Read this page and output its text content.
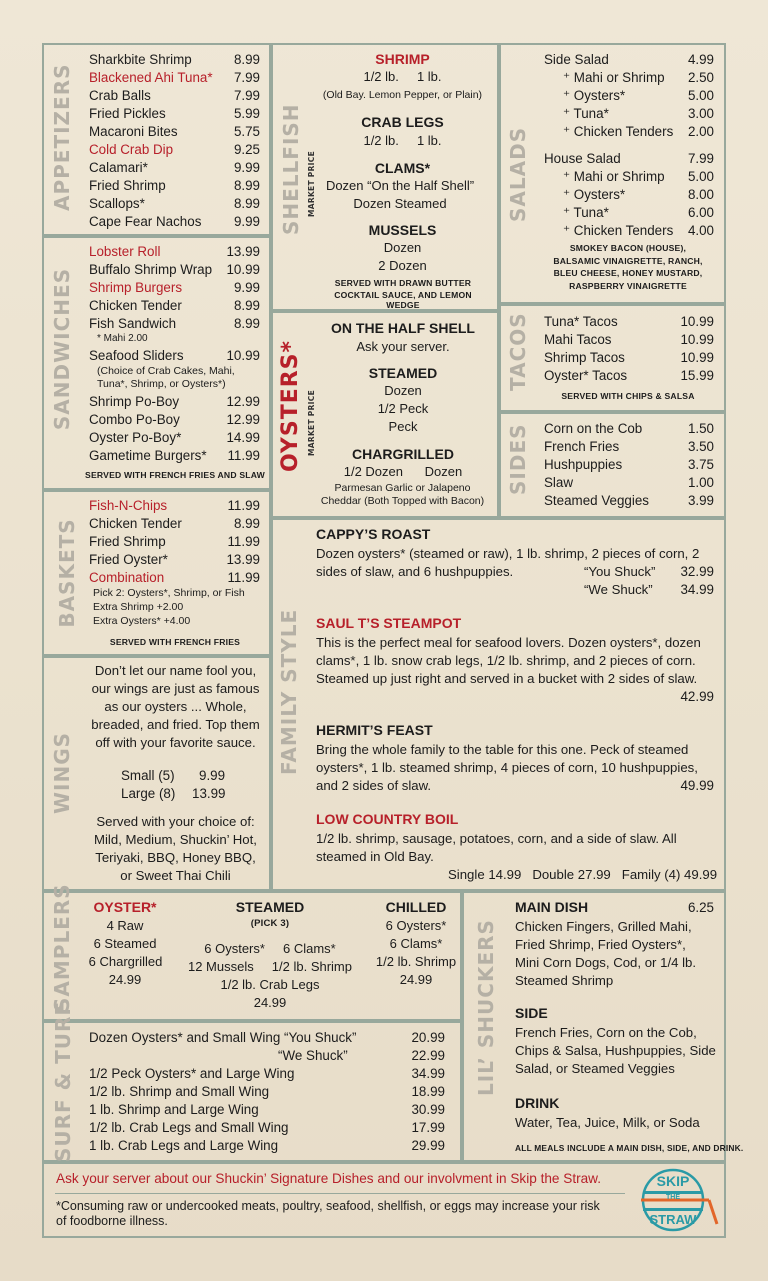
APPETIZERS
Sharkbite Shrimp	8.99
Blackened Ahi Tuna*	7.99
Crab Balls	7.99
Fried Pickles	5.99
Macaroni Bites	5.75
Cold Crab Dip	9.25
Calamari*	9.99
Fried Shrimp	8.99
Scallops*	8.99
Cape Fear Nachos	9.99
SANDWICHES
Lobster Roll	13.99
Buffalo Shrimp Wrap	10.99
Shrimp Burgers	9.99
Chicken Tender	8.99
Fish Sandwich	8.99
* Mahi 2.00
Seafood Sliders	10.99
(Choice of Crab Cakes, Mahi,
Tuna*, Shrimp, or Oysters*)
Shrimp Po-Boy	12.99
Combo Po-Boy	12.99
Oyster Po-Boy*	14.99
Gametime Burgers*	11.99
SERVED WITH FRENCH FRIES AND SLAW
BASKETS
Fish-N-Chips	11.99
Chicken Tender	8.99
Fried Shrimp	11.99
Fried Oyster*	13.99
Combination	11.99
Pick 2: Oysters*, Shrimp, or Fish
Extra Shrimp +2.00
Extra Oysters* +4.00
SERVED WITH FRENCH FRIES
WINGS
Don’t let our name fool you,
our wings are just as famous
as our oysters ... Whole,
breaded, and fried. Top them
off with your favorite sauce.
Small (5) 9.99
Large (8) 13.99
Served with your choice of:
Mild, Medium, Shuckin’ Hot,
Teriyaki, BBQ, Honey BBQ,
or Sweet Thai Chili
SHELLFISH MARKET PRICE
SHRIMP
1/2 lb.     1 lb.
(Old Bay. Lemon Pepper, or Plain)
CRAB LEGS
1/2 lb.     1 lb.
CLAMS*
Dozen “On the Half Shell”
Dozen Steamed
MUSSELS
Dozen
2 Dozen
SERVED WITH DRAWN BUTTER
COCKTAIL SAUCE, AND LEMON WEDGE
OYSTERS* MARKET PRICE
ON THE HALF SHELL
Ask your server.
STEAMED
Dozen
1/2 Peck
Peck
CHARGRILLED
1/2 Dozen      Dozen
Parmesan Garlic or Jalapeno
Cheddar (Both Topped with Bacon)
SALADS
Side Salad	4.99
⁺ Mahi or Shrimp	2.50
⁺ Oysters*	5.00
⁺ Tuna*	3.00
⁺ Chicken Tenders	2.00
House Salad	7.99
⁺ Mahi or Shrimp	5.00
⁺ Oysters*	8.00
⁺ Tuna*	6.00
⁺ Chicken Tenders	4.00
SMOKEY BACON (HOUSE),
BALSAMIC VINAIGRETTE, RANCH,
BLEU CHEESE, HONEY MUSTARD,
RASPBERRY VINAIGRETTE
TACOS Tuna* Tacos	10.99
Mahi Tacos	10.99
Shrimp Tacos	10.99
Oyster* Tacos	15.99
SERVED WITH CHIPS & SALSA
SIDES Corn on the Cob	1.50
French Fries	3.50
Hushpuppies	3.75
Slaw	1.00
Steamed Veggies	3.99
FAMILY STYLE
CAPPY’S ROAST
Dozen oysters* (steamed or raw), 1 lb. shrimp, 2 pieces of corn, 2
sides of slaw, and 6 hushpuppies.	“You Shuck”	32.99
“We Shuck”	34.99
SAUL T’S STEAMPOT
This is the perfect meal for seafood lovers. Dozen oysters*, dozen
clams*, 1 lb. snow crab legs, 1/2 lb. shrimp, and 2 pieces of corn.
Steamed up just right and served in a bucket with 2 sides of slaw.
42.99
HERMIT’S FEAST
Bring the whole family to the table for this one. Peck of steamed
oysters*, 1 lb. steamed shrimp, 4 pieces of corn, 10 hushpuppies,
and 2 sides of slaw.	49.99
LOW COUNTRY BOIL
1/2 lb. shrimp, sausage, potatoes, corn, and a side of slaw. All
steamed in Old Bay.
Single 14.99   Double 27.99   Family (4) 49.99
SAMPLERS	OYSTER*
4 Raw
6 Steamed
6 Chargrilled
24.99
STEAMED
(PICK 3)
6 Oysters*     6 Clams*
12 Mussels     1/2 lb. Shrimp
1/2 lb. Crab Legs
24.99
CHILLED
6 Oysters*
6 Clams*
1/2 lb. Shrimp
24.99
SURF & TURF Dozen Oysters* and Small Wing “You Shuck”	20.99
“We Shuck”	22.99
1/2 Peck Oysters* and Large Wing	34.99
1/2 lb. Shrimp and Small Wing	18.99
1 lb. Shrimp and Large Wing	30.99
1/2 lb. Crab Legs and Small Wing	17.99
1 lb. Crab Legs and Large Wing	29.99
LIL’ SHUCKERS
MAIN DISH	6.25
Chicken Fingers, Grilled Mahi,
Fried Shrimp, Fried Oysters*,
Mini Corn Dogs, Cod, or 1/4 lb.
Steamed Shrimp
SIDE
French Fries, Corn on the Cob,
Chips & Salsa, Hushpuppies, Side
Salad, or Steamed Veggies
DRINK
Water, Tea, Juice, Milk, or Soda
ALL MEALS INCLUDE A MAIN DISH, SIDE, AND DRINK.
Ask your server about our Shuckin’ Signature Dishes and our involvment in Skip the Straw.
*Consuming raw or undercooked meats, poultry, seafood, shellfish, or eggs may increase your risk
of foodborne illness.
SKIP
THE
STRAW
